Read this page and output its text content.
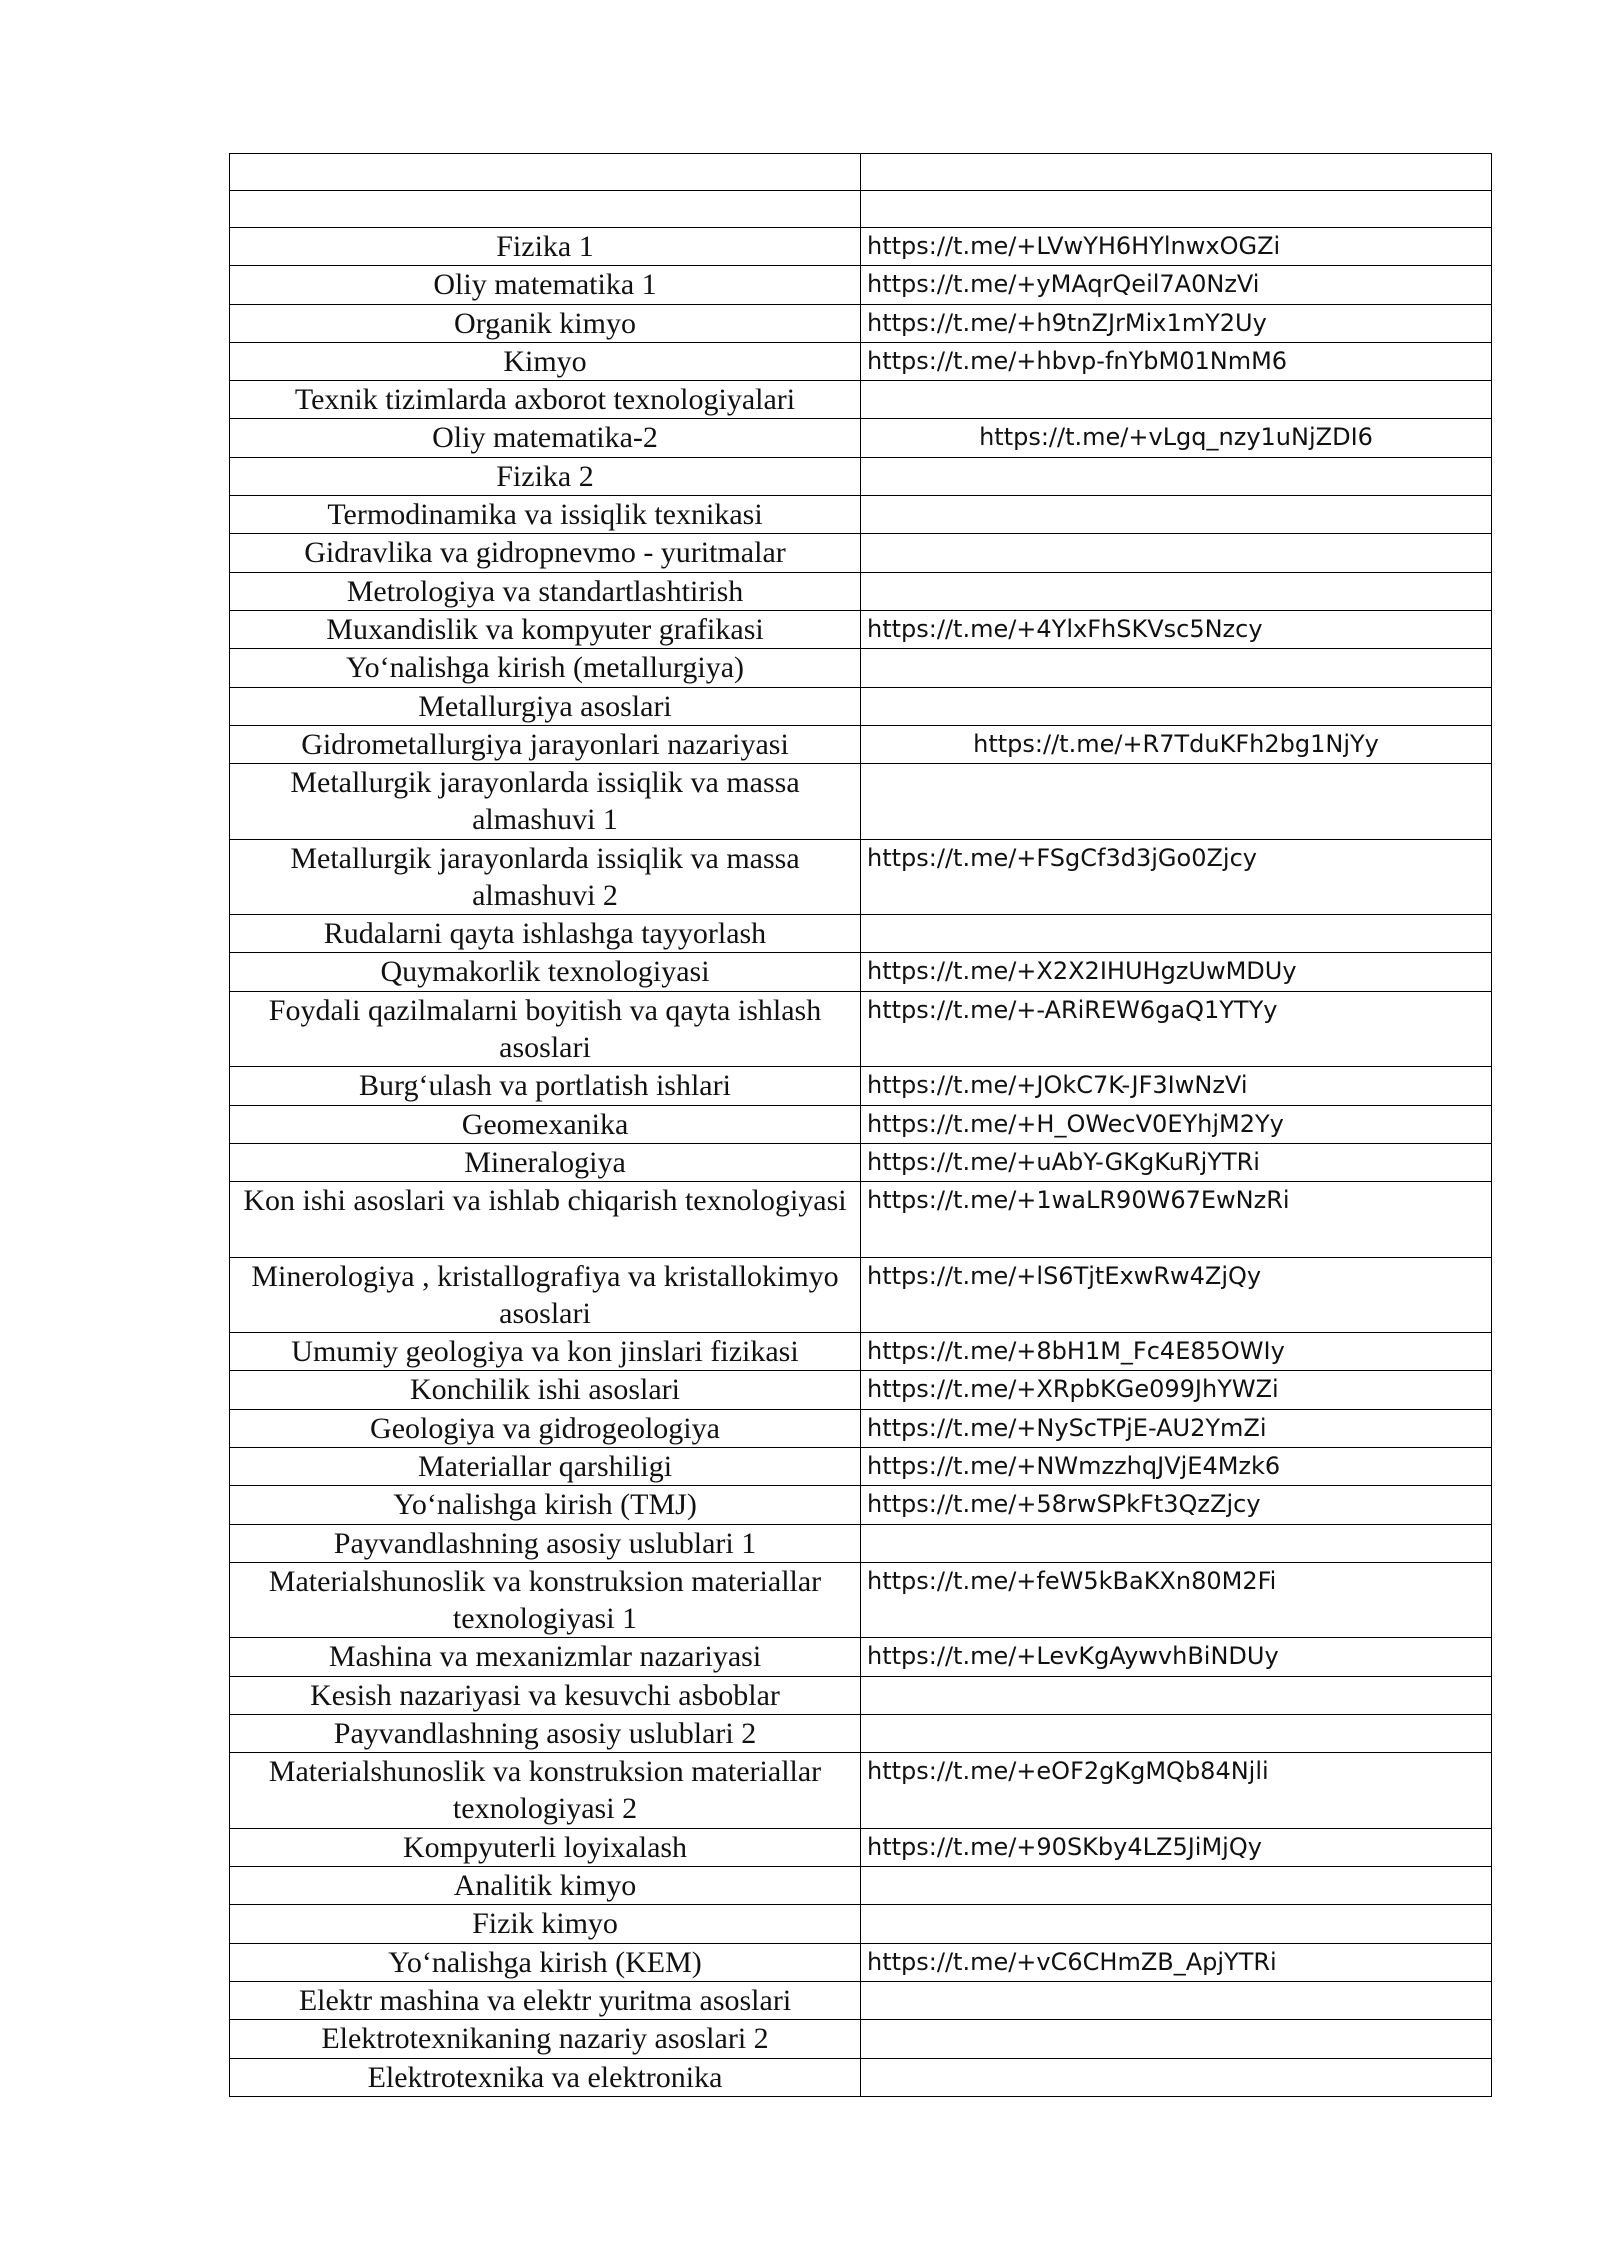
Fizika 1	https://t.me/+LVwYH6HYlnwxOGZi
Oliy matematika 1	https://t.me/+yMAqrQeil7A0NzVi
Organik kimyo	https://t.me/+h9tnZJrMix1mY2Uy
Kimyo	https://t.me/+hbvp-fnYbM01NmM6
Texnik tizimlarda axborot texnologiyalari	
Oliy matematika-2	https://t.me/+vLgq_nzy1uNjZDI6
Fizika 2	
Termodinamika va issiqlik texnikasi	
Gidravlika va gidropnevmo - yuritmalar	
Metrologiya va standartlashtirish	
Muxandislik va kompyuter grafikasi	https://t.me/+4YlxFhSKVsc5Nzcy
Yo‘nalishga kirish (metallurgiya)	
Metallurgiya asoslari	
Gidrometallurgiya jarayonlari nazariyasi	https://t.me/+R7TduKFh2bg1NjYy
Metallurgik jarayonlarda issiqlik va massa almashuvi 1	
Metallurgik jarayonlarda issiqlik va massa almashuvi 2	https://t.me/+FSgCf3d3jGo0Zjcy
Rudalarni qayta ishlashga tayyorlash	
Quymakorlik texnologiyasi	https://t.me/+X2X2IHUHgzUwMDUy
Foydali qazilmalarni boyitish va qayta ishlash asoslari	https://t.me/+-ARiREW6gaQ1YTYy
Burg‘ulash va portlatish ishlari	https://t.me/+JOkC7K-JF3IwNzVi
Geomexanika	https://t.me/+H_OWecV0EYhjM2Yy
Mineralogiya	https://t.me/+uAbY-GKgKuRjYTRi
Kon ishi asoslari va ishlab chiqarish texnologiyasi	https://t.me/+1waLR90W67EwNzRi
Minerologiya , kristallografiya va kristallokimyo asoslari	https://t.me/+lS6TjtExwRw4ZjQy
Umumiy geologiya va kon jinslari fizikasi	https://t.me/+8bH1M_Fc4E85OWIy
Konchilik ishi asoslari	https://t.me/+XRpbKGe099JhYWZi
Geologiya va gidrogeologiya	https://t.me/+NyScTPjE-AU2YmZi
Materiallar qarshiligi	https://t.me/+NWmzzhqJVjE4Mzk6
Yo‘nalishga kirish (TMJ)	https://t.me/+58rwSPkFt3QzZjcy
Payvandlashning asosiy uslublari 1	
Materialshunoslik va konstruksion materiallar texnologiyasi 1	https://t.me/+feW5kBaKXn80M2Fi
Mashina va mexanizmlar nazariyasi	https://t.me/+LevKgAywvhBiNDUy
Kesish nazariyasi va kesuvchi asboblar	
Payvandlashning asosiy uslublari 2	
Materialshunoslik va konstruksion materiallar texnologiyasi 2	https://t.me/+eOF2gKgMQb84Njli
Kompyuterli loyixalash	https://t.me/+90SKby4LZ5JiMjQy
Analitik kimyo	
Fizik kimyo	
Yo‘nalishga kirish (KEM)	https://t.me/+vC6CHmZB_ApjYTRi
Elektr mashina va elektr yuritma asoslari	
Elektrotexnikaning nazariy asoslari 2	
Elektrotexnika va elektronika	
